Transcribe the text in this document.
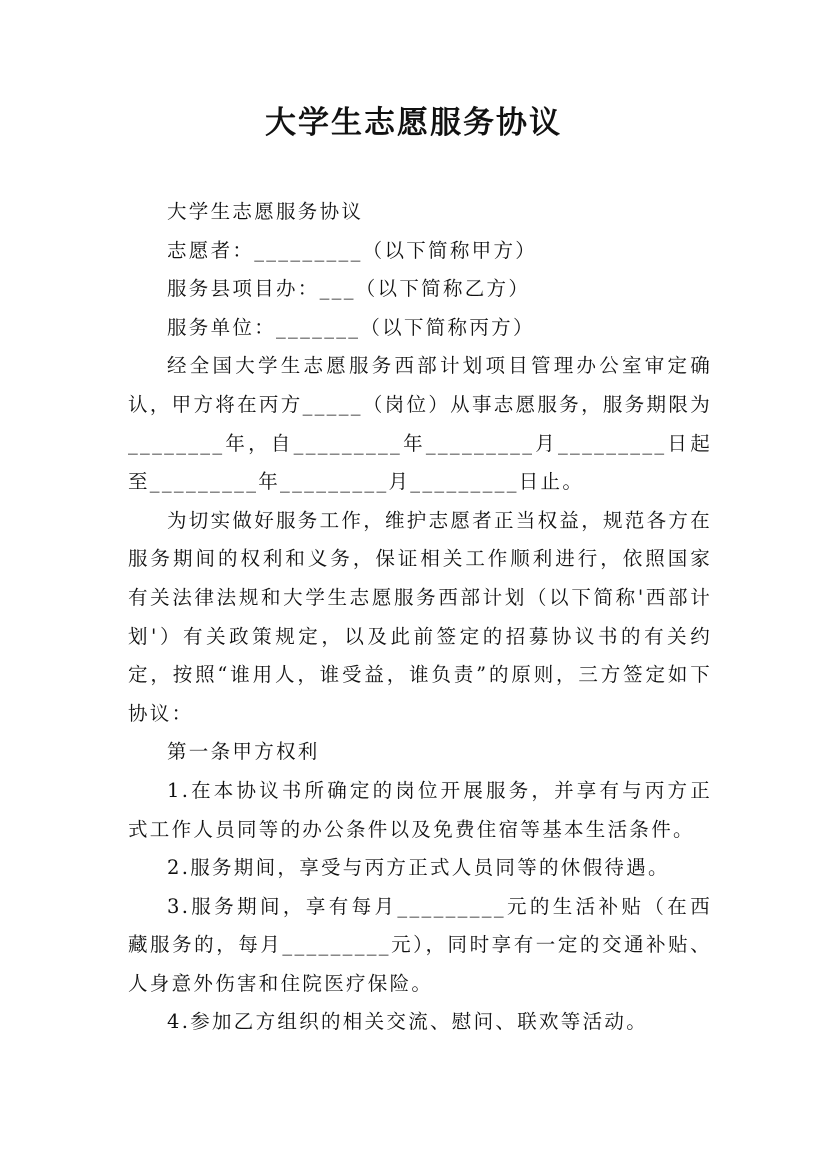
大学生志愿服务协议

大学生志愿服务协议

志愿者：_________（以下简称甲方）

服务县项目办：___（以下简称乙方）

服务单位：_______（以下简称丙方）

经全国大学生志愿服务西部计划项目管理办公室审定确认，甲方将在丙方_____（岗位）从事志愿服务，服务期限为________年，自_________年_________月_________日起至_________年_________月_________日止。

为切实做好服务工作，维护志愿者正当权益，规范各方在服务期间的权利和义务，保证相关工作顺利进行，依照国家有关法律法规和大学生志愿服务西部计划（以下简称'西部计划'）有关政策规定，以及此前签定的招募协议书的有关约定，按照“谁用人，谁受益，谁负责”的原则，三方签定如下协议：

第一条甲方权利

1.在本协议书所确定的岗位开展服务，并享有与丙方正式工作人员同等的办公条件以及免费住宿等基本生活条件。

2.服务期间，享受与丙方正式人员同等的休假待遇。

3.服务期间，享有每月_________元的生活补贴（在西藏服务的，每月_________元），同时享有一定的交通补贴、人身意外伤害和住院医疗保险。

4.参加乙方组织的相关交流、慰问、联欢等活动。
